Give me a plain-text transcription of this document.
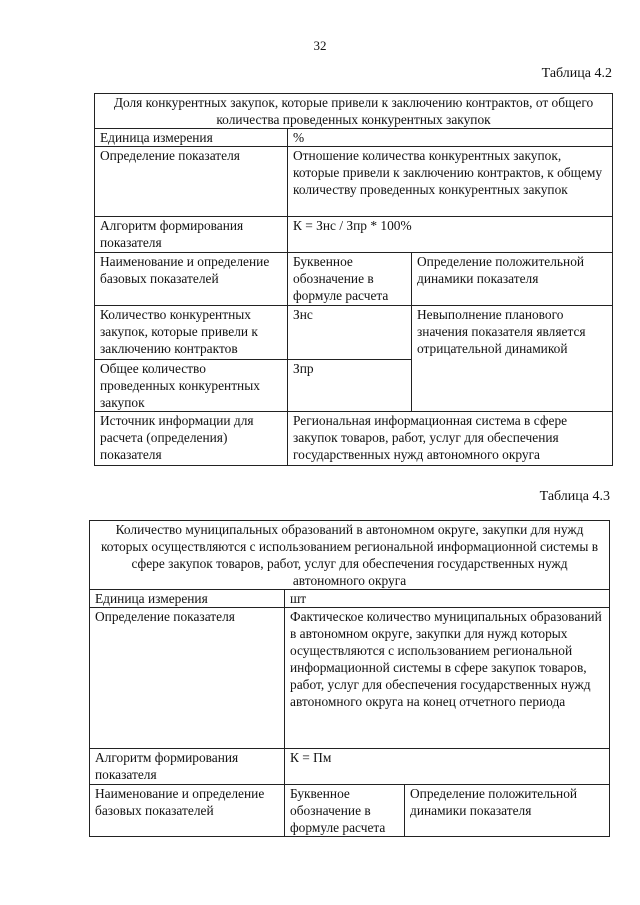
32
Таблица 4.2
Доля конкурентных закупок, которые привели к заключению контрактов, от общего количества проведенных конкурентных закупок		
Единица измерения	%	
Определение показателя	Отношение количества конкурентных закупок, которые привели к заключению контрактов, к общему количеству проведенных конкурентных закупок	
Алгоритм формирования показателя	К = Знс / Зпр * 100%	
Наименование и определение базовых показателей	Буквенное обозначение в формуле расчета	Определение положительной динамики показателя
Количество конкурентных закупок, которые привели к заключению контрактов	Знс	Невыполнение планового значения показателя является отрицательной динамикой
Общее количество проведенных конкурентных закупок	Зпр	
Источник информации для расчета (определения) показателя	Региональная информационная система в сфере закупок товаров, работ, услуг для обеспечения государственных нужд автономного округа	
Таблица 4.3
Количество муниципальных образований в автономном округе, закупки для нужд которых осуществляются с использованием региональной информационной системы в сфере закупок товаров, работ, услуг для обеспечения государственных нужд автономного округа		
Единица измерения	шт	
Определение показателя	Фактическое количество муниципальных образований в автономном округе, закупки для нужд которых осуществляются с использованием региональной информационной системы в сфере закупок товаров, работ, услуг для обеспечения государственных нужд автономного округа на конец отчетного периода	
Алгоритм формирования показателя	К = Пм	
Наименование и определение базовых показателей	Буквенное обозначение в формуле расчета	Определение положительной динамики показателя
